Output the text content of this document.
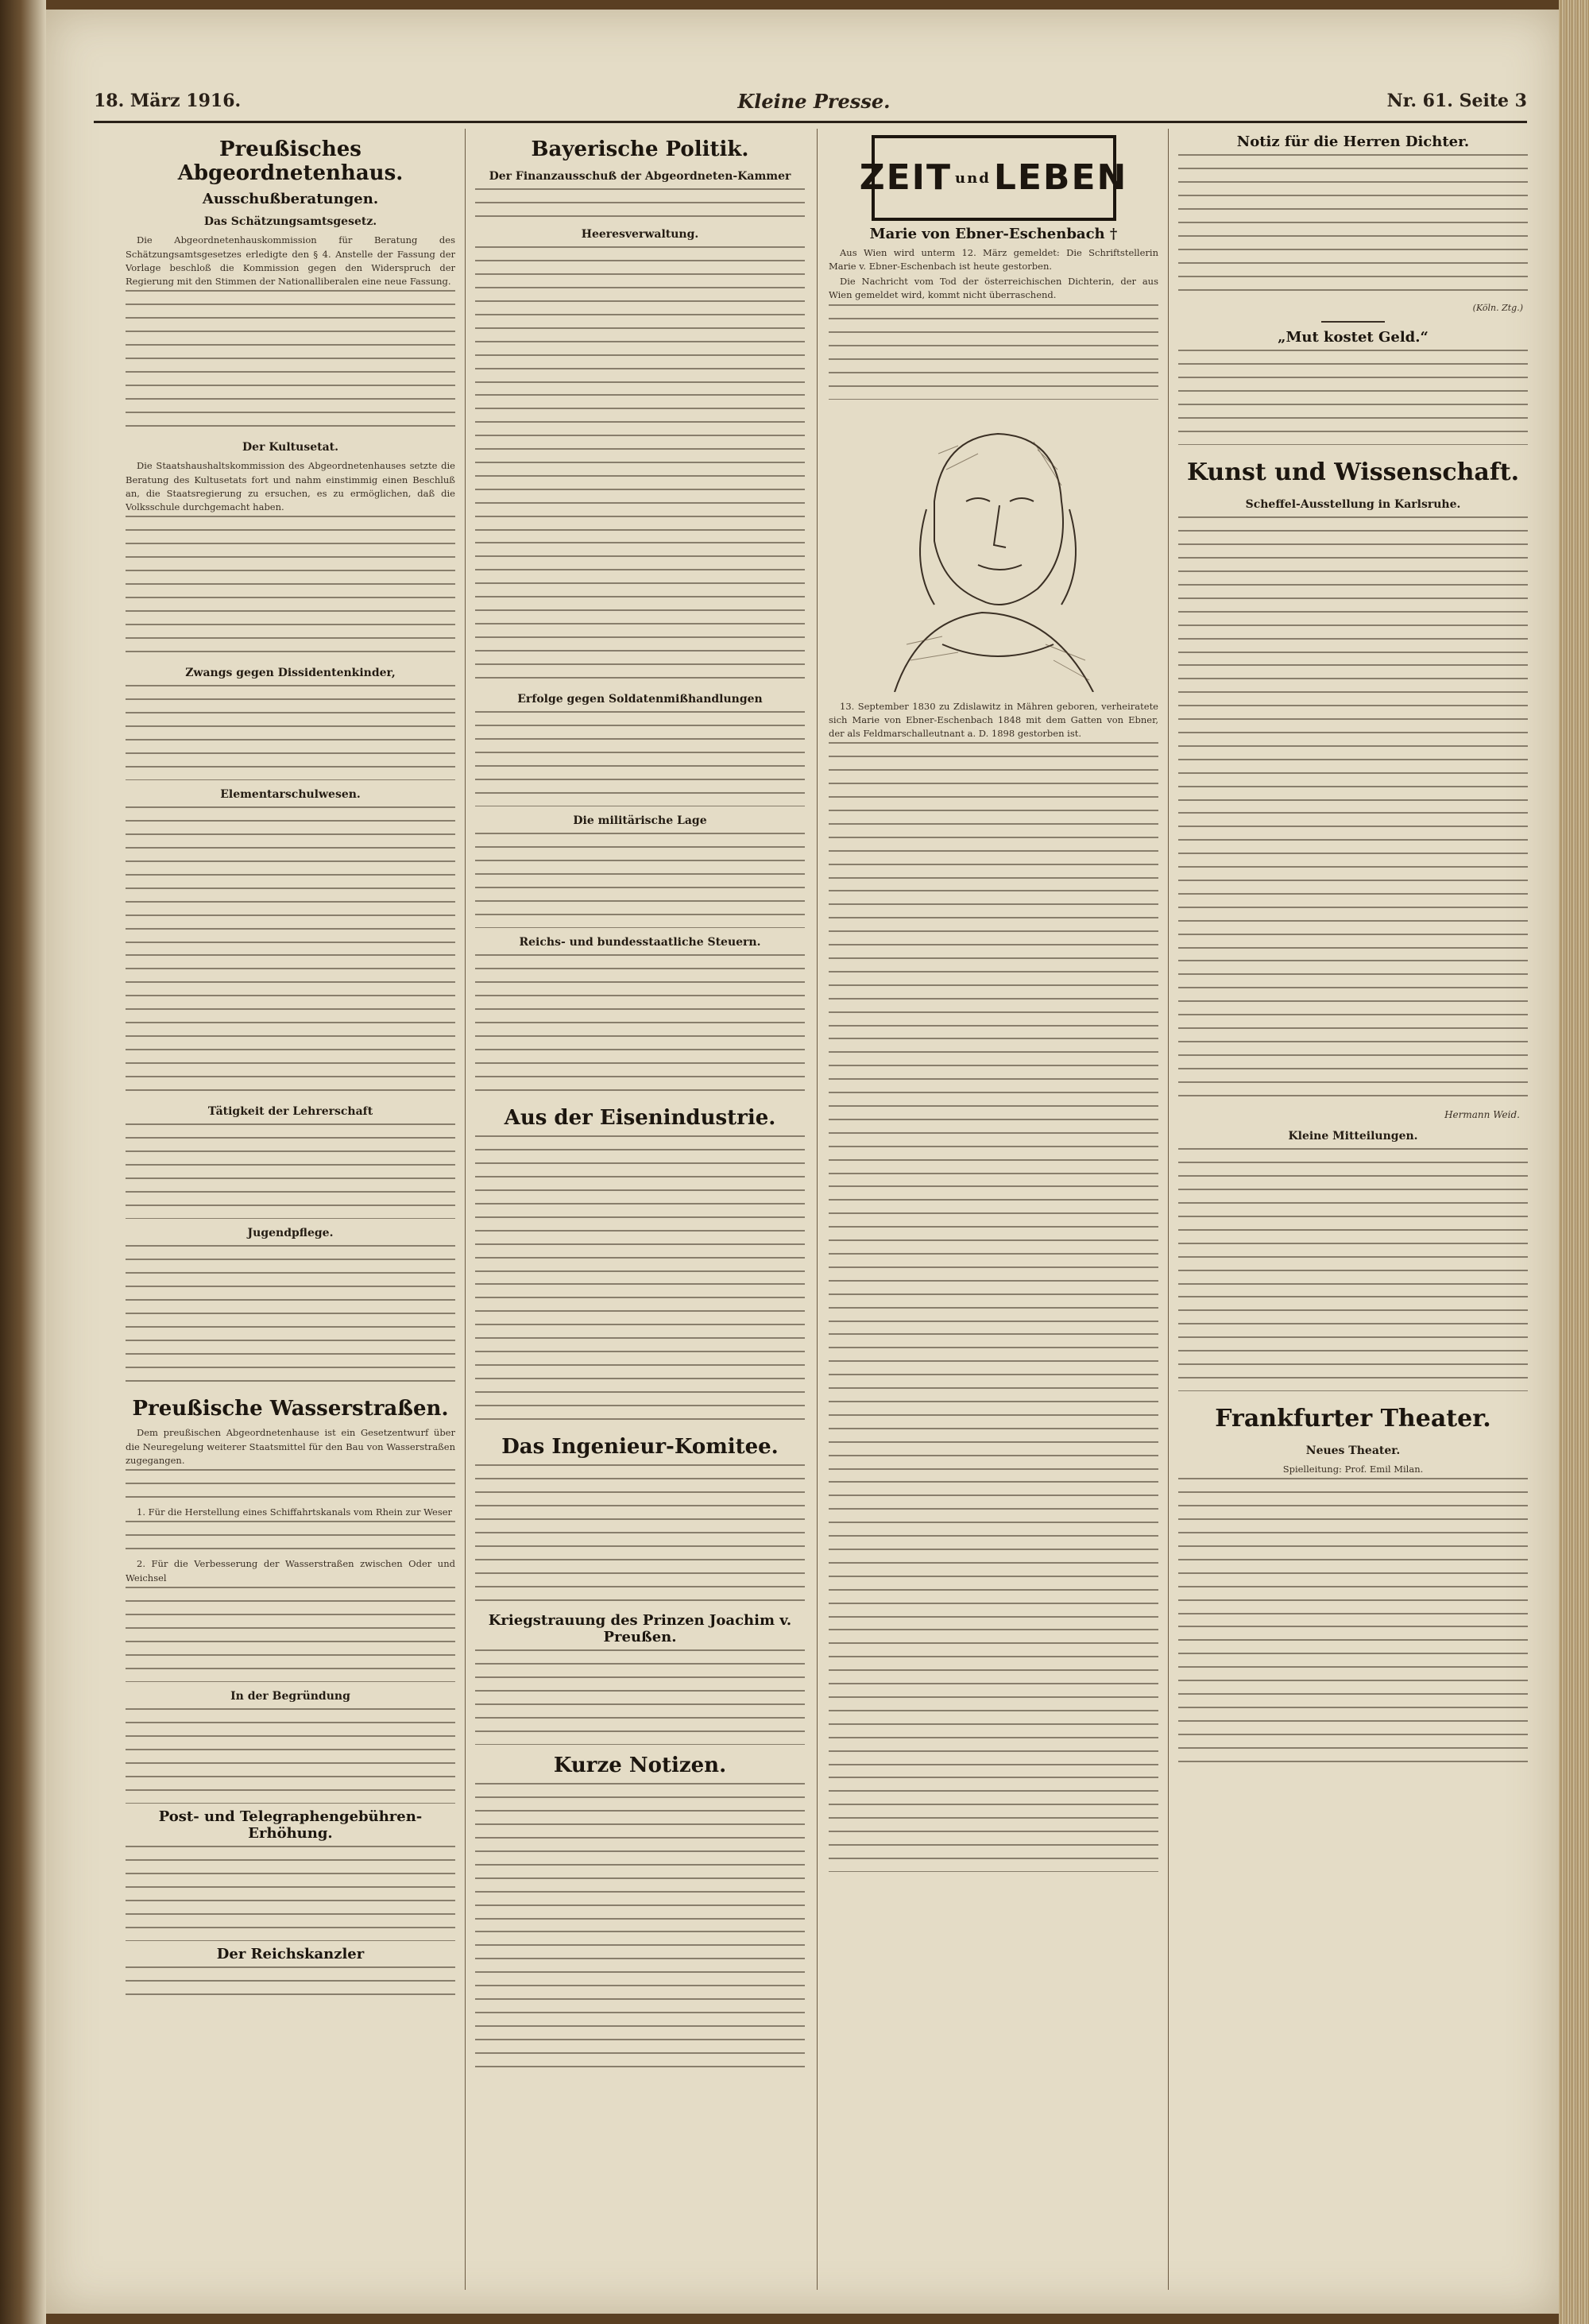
18. März 1916.	Kleine Presse.	Nr. 61. Seite 3
Preußisches Abgeordnetenhaus.
Ausschußberatungen.
Das Schätzungsamtsgesetz.

Die Abgeordnetenhauskommission für Beratung des Schätzungsamtsgesetzes erledigte den § 4. Anstelle der Fassung der Vorlage beschloß die Kommission gegen den Widerspruch der Regierung mit den Stimmen der Nationalliberalen eine neue Fassung.

Der Kultusetat.

Die Staatshaushaltskommission des Abgeordnetenhauses setzte die Beratung des Kultusetats fort und nahm einstimmig einen Beschluß an, die Staatsregierung zu ersuchen, es zu ermöglichen, daß die Volksschule durchgemacht haben.

Zwangs gegen Dissidentenkinder,
Elementarschulwesen.
Tätigkeit der Lehrerschaft
Jugendpflege.
Preußische Wasserstraßen.

Dem preußischen Abgeordnetenhause ist ein Gesetzentwurf über die Neuregelung weiterer Staatsmittel für den Bau von Wasserstraßen zugegangen.

1. Für die Herstellung eines Schiffahrtskanals vom Rhein zur Weser

2. Für die Verbesserung der Wasserstraßen zwischen Oder und Weichsel

In der Begründung
Post- und Telegraphengebühren-Erhöhung.
Der Reichskanzler
Bayerische Politik.
Der Finanzausschuß der Abgeordneten-Kammer
Heeresverwaltung.
Erfolge gegen Soldatenmißhandlungen
Die militärische Lage
Reichs- und bundesstaatliche Steuern.
Aus der Eisenindustrie.
Das Ingenieur-Komitee.
Kriegstrauung des Prinzen Joachim v. Preußen.
Kurze Notizen.
ZEIT und LEBEN
Marie von Ebner-Eschenbach †

Aus Wien wird unterm 12. März gemeldet: Die Schriftstellerin Marie v. Ebner-Eschenbach ist heute gestorben.

Die Nachricht vom Tod der österreichischen Dichterin, der aus Wien gemeldet wird, kommt nicht überraschend.

13. September 1830 zu Zdislawitz in Mähren geboren, verheiratete sich Marie von Ebner-Eschenbach 1848 mit dem Gatten von Ebner, der als Feldmarschalleutnant a. D. 1898 gestorben ist.

Notiz für die Herren Dichter.
(Köln. Ztg.)
„Mut kostet Geld.“
Kunst und Wissenschaft.
Scheffel-Ausstellung in Karlsruhe.
Hermann Weid.
Kleine Mitteilungen.
Frankfurter Theater.
Neues Theater.

Spielleitung: Prof. Emil Milan.
